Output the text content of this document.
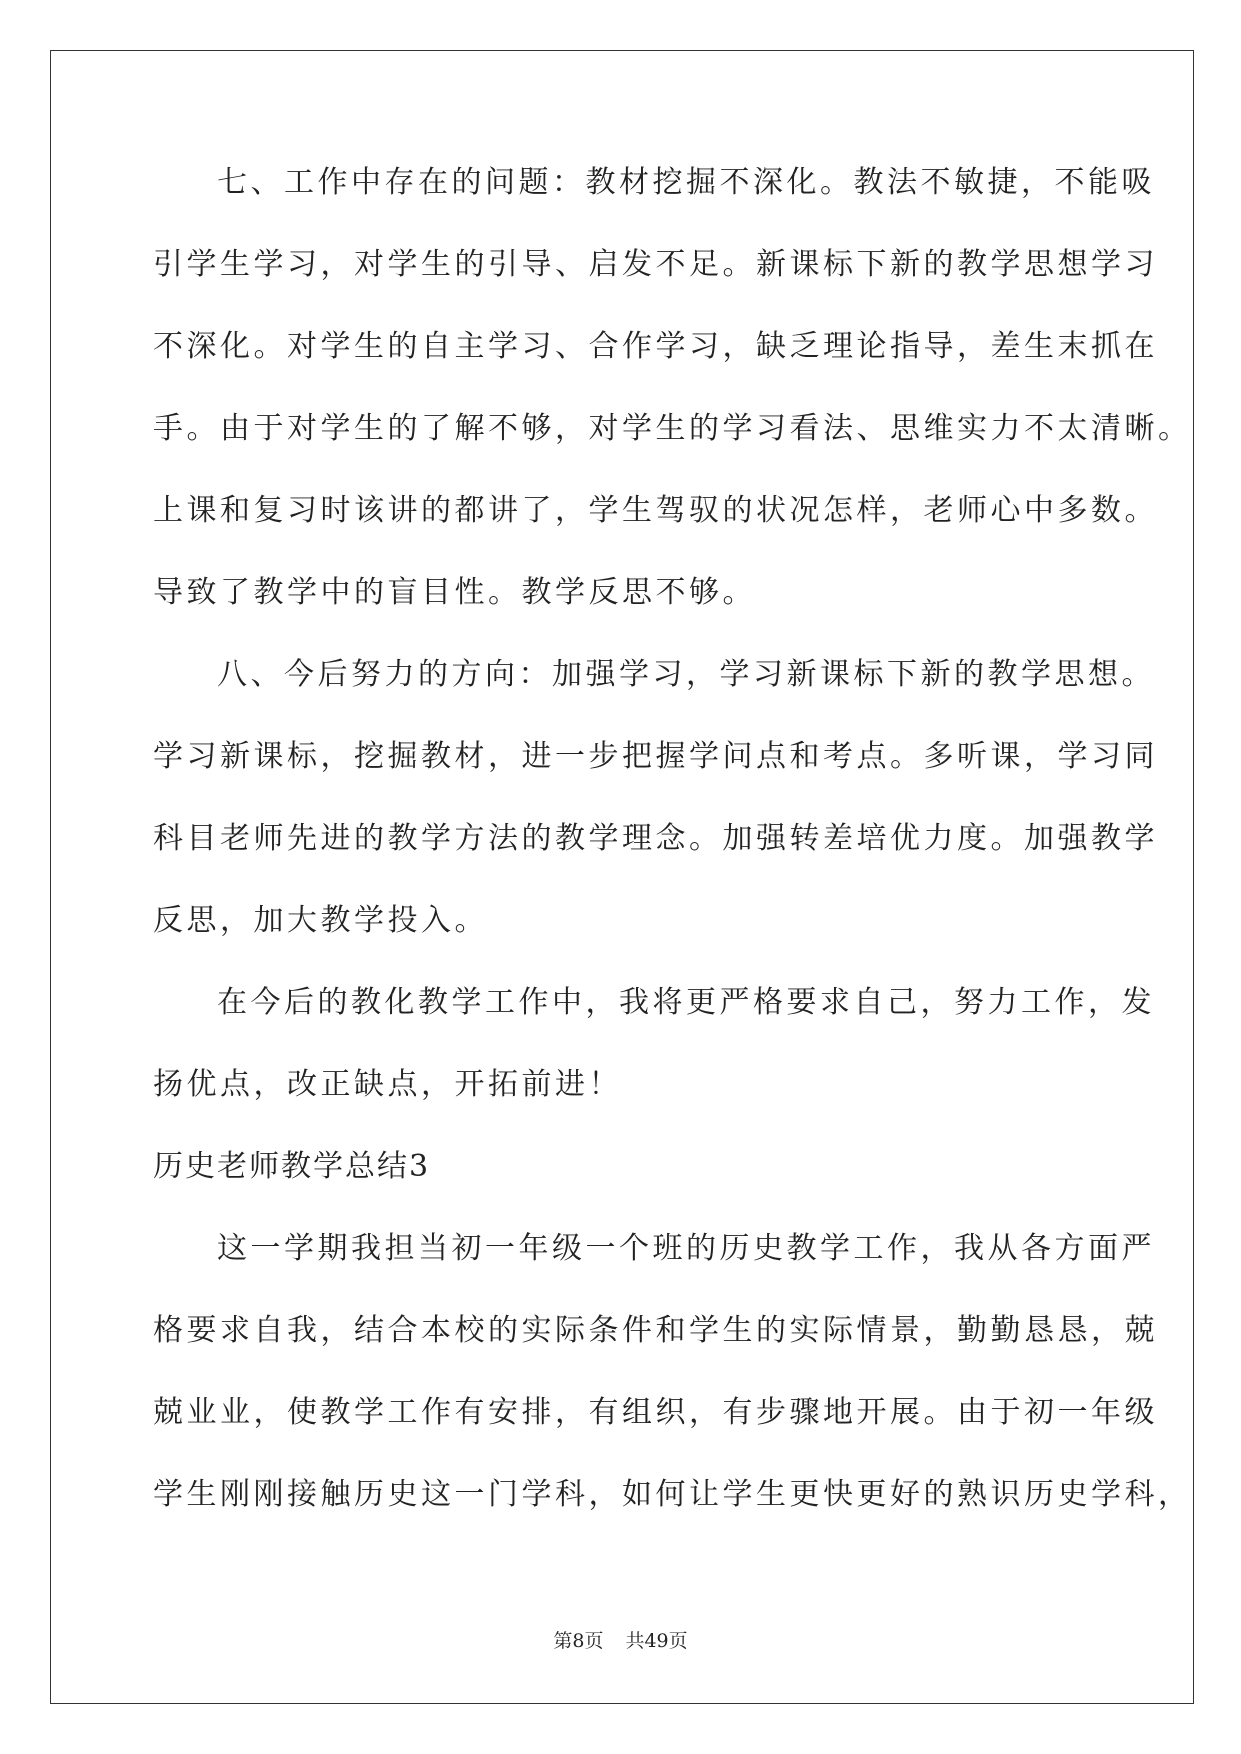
七、工作中存在的问题：教材挖掘不深化。教法不敏捷，不能吸
引学生学习，对学生的引导、启发不足。新课标下新的教学思想学习
不深化。对学生的自主学习、合作学习，缺乏理论指导，差生末抓在
手。由于对学生的了解不够，对学生的学习看法、思维实力不太清晰。
上课和复习时该讲的都讲了，学生驾驭的状况怎样，老师心中多数。
导致了教学中的盲目性。教学反思不够。
八、今后努力的方向：加强学习，学习新课标下新的教学思想。
学习新课标，挖掘教材，进一步把握学问点和考点。多听课，学习同
科目老师先进的教学方法的教学理念。加强转差培优力度。加强教学
反思，加大教学投入。
在今后的教化教学工作中，我将更严格要求自己，努力工作，发
扬优点，改正缺点，开拓前进！
历史老师教学总结3
这一学期我担当初一年级一个班的历史教学工作，我从各方面严
格要求自我，结合本校的实际条件和学生的实际情景，勤勤恳恳，兢
兢业业，使教学工作有安排，有组织，有步骤地开展。由于初一年级
学生刚刚接触历史这一门学科，如何让学生更快更好的熟识历史学科，
第8页 共49页
